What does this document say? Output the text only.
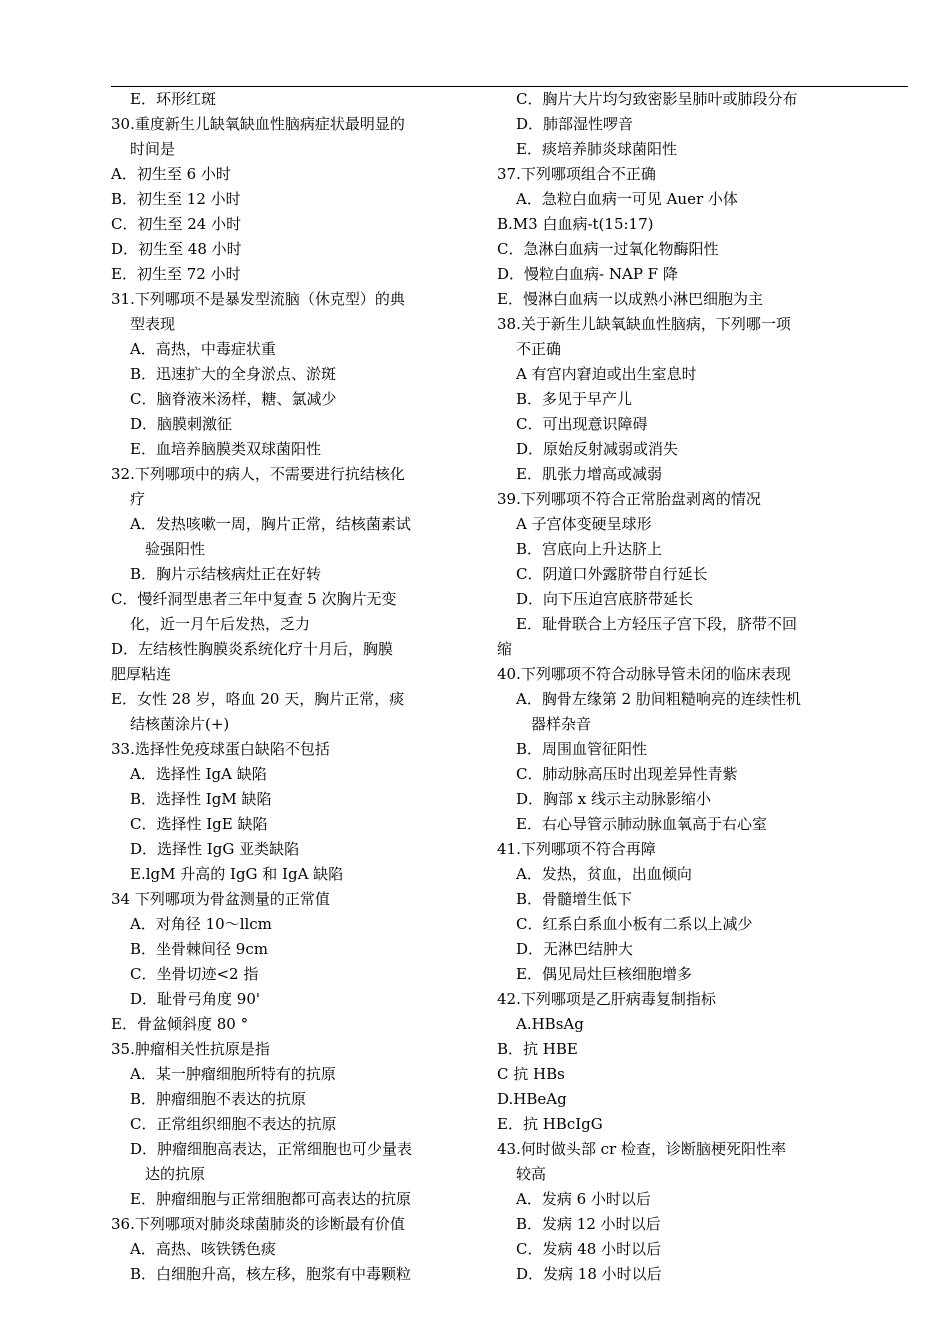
E．环形红斑
30.重度新生儿缺氧缺血性脑病症状最明显的
时间是
A．初生至 6 小时
B．初生至 12 小时
C．初生至 24 小时
D．初生至 48 小时
E．初生至 72 小时
31.下列哪项不是暴发型流脑（休克型）的典
型表现
A．高热，中毒症状重
B．迅速扩大的全身淤点、淤斑
C．脑脊液米汤样，糖、氯减少
D．脑膜刺激征
E．血培养脑膜类双球菌阳性
32.下列哪项中的病人，不需要进行抗结核化
疗
A．发热咳嗽一周，胸片正常，结核菌素试
验强阳性
B．胸片示结核病灶正在好转
C．慢纤洞型患者三年中复查 5 次胸片无变
化，近一月午后发热，乏力
D．左结核性胸膜炎系统化疗十月后，胸膜
肥厚粘连
E．女性 28 岁，咯血 20 天，胸片正常，痰
结核菌涂片(+)
33.选择性免疫球蛋白缺陷不包括
A．选择性 IgA 缺陷
B．选择性 IgM 缺陷
C．选择性 IgE 缺陷
D．选择性 IgG 亚类缺陷
E.lgM 升高的 IgG 和 IgA 缺陷
34 下列哪项为骨盆测量的正常值
A．对角径 10～llcm
B．坐骨棘间径 9cm
C．坐骨切迹<2 指
D．耻骨弓角度 90'
E．骨盆倾斜度 80 °
35.肿瘤相关性抗原是指
A．某一肿瘤细胞所特有的抗原
B．肿瘤细胞不表达的抗原
C．正常组织细胞不表达的抗原
D．肿瘤细胞高表达，正常细胞也可少量表
达的抗原
E．肿瘤细胞与正常细胞都可高表达的抗原
36.下列哪项对肺炎球菌肺炎的诊断最有价值
A．高热、咳铁锈色痰
B．白细胞升高，核左移，胞浆有中毒颗粒
C．胸片大片均匀致密影呈肺叶或肺段分布
D．肺部湿性啰音
E．痰培养肺炎球菌阳性
37.下列哪项组合不正确
A．急粒白血病一可见 Auer 小体
B.M3 白血病-t(15:17)
C．急淋白血病一过氧化物酶阳性
D．慢粒白血病- NAP F 降
E．慢淋白血病一以成熟小淋巴细胞为主
38.关于新生儿缺氧缺血性脑病，下列哪一项
不正确
A 有宫内窘迫或出生室息时
B．多见于早产儿
C．可出现意识障碍
D．原始反射减弱或消失
E．肌张力增高或减弱
39.下列哪项不符合正常胎盘剥离的情况
A 子宫体变硬呈球形
B．宫底向上升达脐上
C．阴道口外露脐带自行延长
D．向下压迫宫底脐带延长
E．耻骨联合上方轻压子宫下段，脐带不回
缩
40.下列哪项不符合动脉导管未闭的临床表现
A．胸骨左缘第 2 肋间粗糙响亮的连续性机
器样杂音
B．周围血管征阳性
C．肺动脉高压时出现差异性青紫
D．胸部 x 线示主动脉影缩小
E．右心导管示肺动脉血氧高于右心室
41.下列哪项不符合再障
A．发热，贫血，出血倾向
B．骨髓增生低下
C．红系白系血小板有二系以上减少
D．无淋巴结肿大
E．偶见局灶巨核细胞增多
42.下列哪项是乙肝病毒复制指标
A.HBsAg
B．抗 HBE
C 抗 HBs
D.HBeAg
E．抗 HBcIgG
43.何时做头部 cr 检查，诊断脑梗死阳性率
较高
A．发病 6 小时以后
B．发病 12 小时以后
C．发病 48 小时以后
D．发病 18 小时以后
